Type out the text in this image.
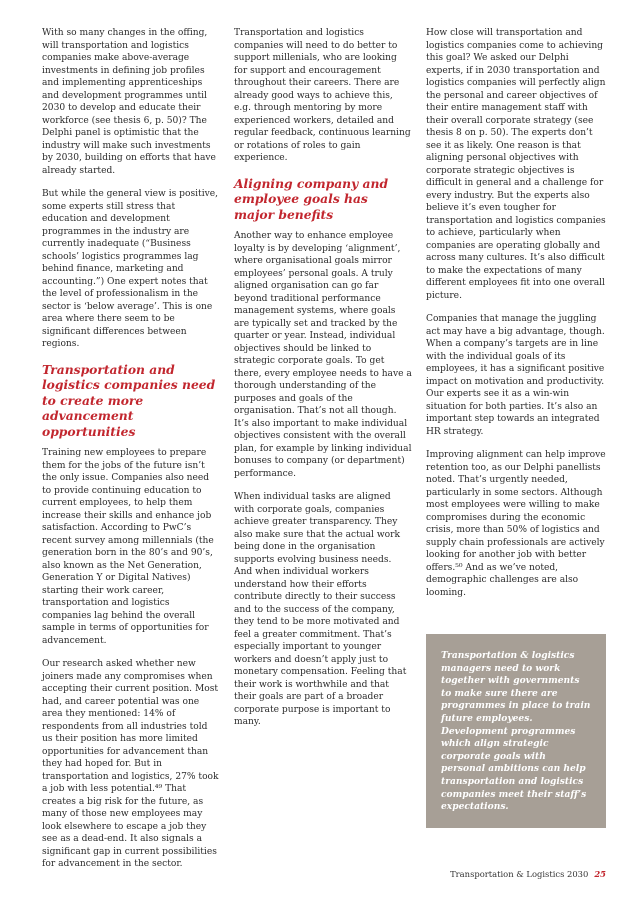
With so many changes in the offing, will transportation and logistics companies make above-average investments in defining job profiles and implementing apprenticeships and development programmes until 2030 to develop and educate their workforce (see thesis 6, p. 50)? The Delphi panel is optimistic that the industry will make such investments by 2030, building on efforts that have already started.

But while the general view is positive, some experts still stress that education and development programmes in the industry are currently inadequate (“Business schools’ logistics programmes lag behind finance, marketing and accounting.”) One expert notes that the level of professionalism in the sector is ‘below average’. This is one area where there seem to be significant differences between regions.

Transportation and logistics companies need to create more advancement opportunities

Training new employees to prepare them for the jobs of the future isn’t the only issue. Companies also need to provide continuing education to current employees, to help them increase their skills and enhance job satisfaction. According to PwC’s recent survey among millennials (the generation born in the 80’s and 90’s, also known as the Net Generation, Generation Y or Digital Natives) starting their work career, transportation and logistics companies lag behind the overall sample in terms of opportunities for advancement.

Our research asked whether new joiners made any compromises when accepting their current position. Most had, and career potential was one area they mentioned: 14% of respondents from all industries told us their position has more limited opportunities for advancement than they had hoped for. But in transportation and logistics, 27% took a job with less potential.⁴⁹ That creates a big risk for the future, as many of those new employees may look elsewhere to escape a job they see as a dead-end. It also signals a significant gap in current possibilities for advancement in the sector.

Transportation and logistics companies will need to do better to support millenials, who are looking for support and encouragement throughout their careers. There are already good ways to achieve this, e.g. through mentoring by more experienced workers, detailed and regular feedback, continuous learning or rotations of roles to gain experience.

Aligning company and employee goals has major benefits

Another way to enhance employee loyalty is by developing ‘alignment’, where organisational goals mirror employees’ personal goals. A truly aligned organisation can go far beyond traditional performance management systems, where goals are typically set and tracked by the quarter or year. Instead, individual objectives should be linked to strategic corporate goals. To get there, every employee needs to have a thorough understanding of the purposes and goals of the organisation. That’s not all though. It’s also important to make individual objectives consistent with the overall plan, for example by linking individual bonuses to company (or department) performance.

When individual tasks are aligned with corporate goals, companies achieve greater transparency. They also make sure that the actual work being done in the organisation supports evolving business needs. And when individual workers understand how their efforts contribute directly to their success and to the success of the company, they tend to be more motivated and feel a greater commitment. That’s especially important to younger workers and doesn’t apply just to monetary compensation. Feeling that their work is worthwhile and that their goals are part of a broader corporate purpose is important to many.

How close will transportation and logistics companies come to achieving this goal? We asked our Delphi experts, if in 2030 transportation and logistics companies will perfectly align the personal and career objectives of their entire management staff with their overall corporate strategy (see thesis 8 on p. 50). The experts don’t see it as likely. One reason is that aligning personal objectives with corporate strategic objectives is difficult in general and a challenge for every industry. But the experts also believe it’s even tougher for transportation and logistics companies to achieve, particularly when companies are operating globally and across many cultures. It’s also difficult to make the expectations of many different employees fit into one overall picture.

Companies that manage the juggling act may have a big advantage, though. When a company’s targets are in line with the individual goals of its employees, it has a significant positive impact on motivation and productivity. Our experts see it as a win-win situation for both parties. It’s also an important step towards an integrated HR strategy.

Improving alignment can help improve retention too, as our Delphi panellists noted. That’s urgently needed, particularly in some sectors. Although most employees were willing to make compromises during the economic crisis, more than 50% of logistics and supply chain professionals are actively looking for another job with better offers.⁵⁰ And as we’ve noted, demographic challenges are also looming.

Transportation & logistics managers need to work together with governments to make sure there are programmes in place to train future employees. Development programmes which align strategic corporate goals with personal ambitions can help transportation and logistics companies meet their staff’s expectations.

Transportation & Logistics 2030 25
